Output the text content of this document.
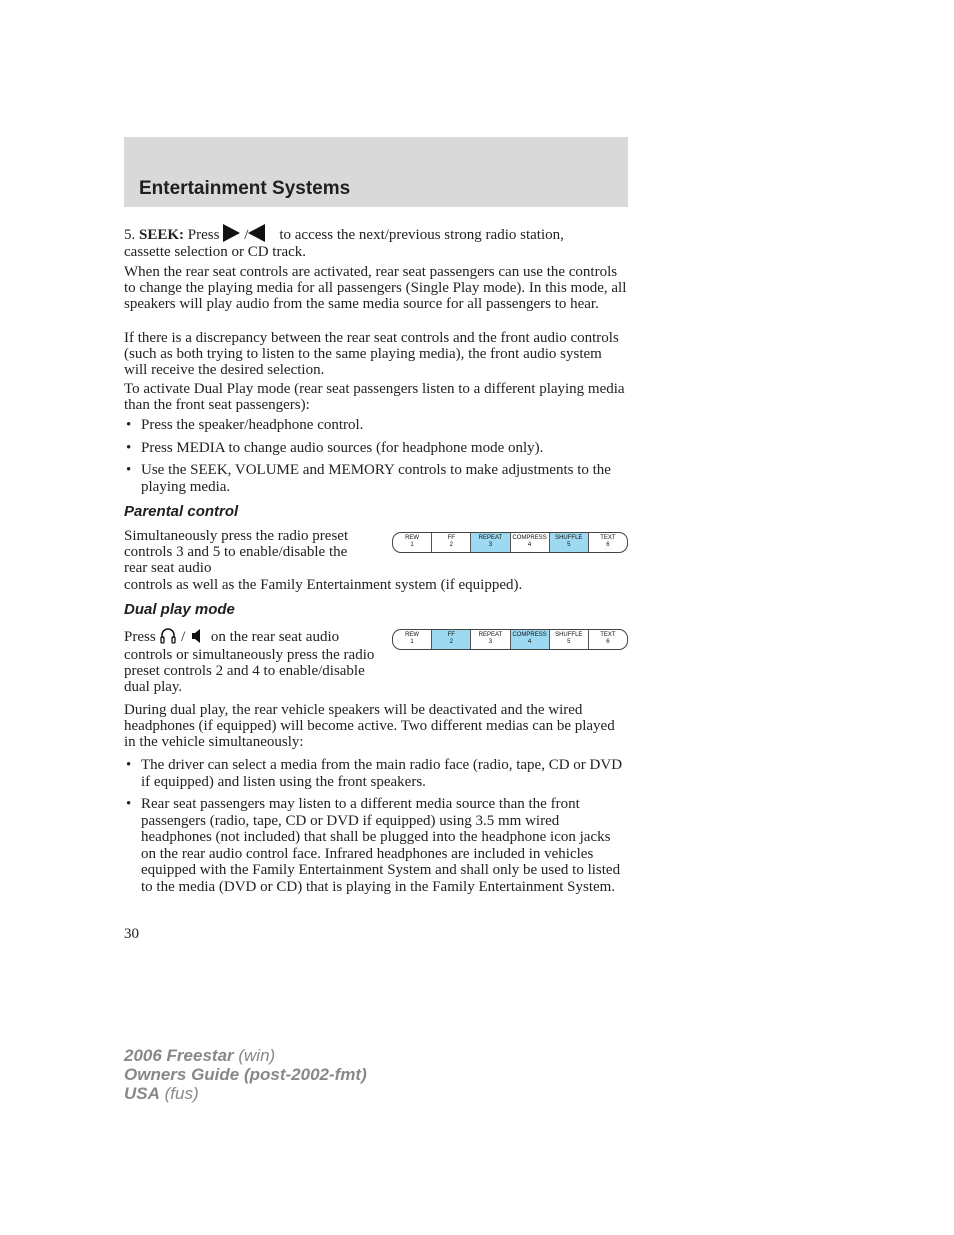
Entertainment Systems
5. SEEK: Press / to access the next/previous strong radio station,
cassette selection or CD track.

When the rear seat controls are activated, rear seat passengers can use the controls to change the playing media for all passengers (Single Play mode). In this mode, all speakers will play audio from the same media source for all passengers to hear.

If there is a discrepancy between the rear seat controls and the front audio controls (such as both trying to listen to the same playing media), the front audio system will receive the desired selection.

To activate Dual Play mode (rear seat passengers listen to a different playing media than the front seat passengers):

• Press the speaker/headphone control.
• Press MEDIA to change audio sources (for headphone mode only).
• Use the SEEK, VOLUME and MEMORY controls to make adjustments to the playing media.
Parental control

Simultaneously press the radio preset controls 3 and 5 to enable/disable the rear seat audio

controls as well as the Family Entertainment system (if equipped).

REW
1
FF
2
REPEAT
3
COMPRESS
4
SHUFFLE
5
TEXT
6
Dual play mode

Press / on the rear seat audio

controls or simultaneously press the radio preset controls 2 and 4 to enable/disable dual play.

REW
1
FF
2
REPEAT
3
COMPRESS
4
SHUFFLE
5
TEXT
6

During dual play, the rear vehicle speakers will be deactivated and the wired headphones (if equipped) will become active. Two different medias can be played in the vehicle simultaneously:

• The driver can select a media from the main radio face (radio, tape, CD or DVD if equipped) and listen using the front speakers.
• Rear seat passengers may listen to a different media source than the front passengers (radio, tape, CD or DVD if equipped) using 3.5 mm wired headphones (not included) that shall be plugged into the headphone icon jacks on the rear audio control face. Infrared headphones are included in vehicles equipped with the Family Entertainment System and shall only be used to listed to the media (DVD or CD) that is playing in the Family Entertainment System.
30
2006 Freestar (win)
Owners Guide (post-2002-fmt)
USA (fus)
